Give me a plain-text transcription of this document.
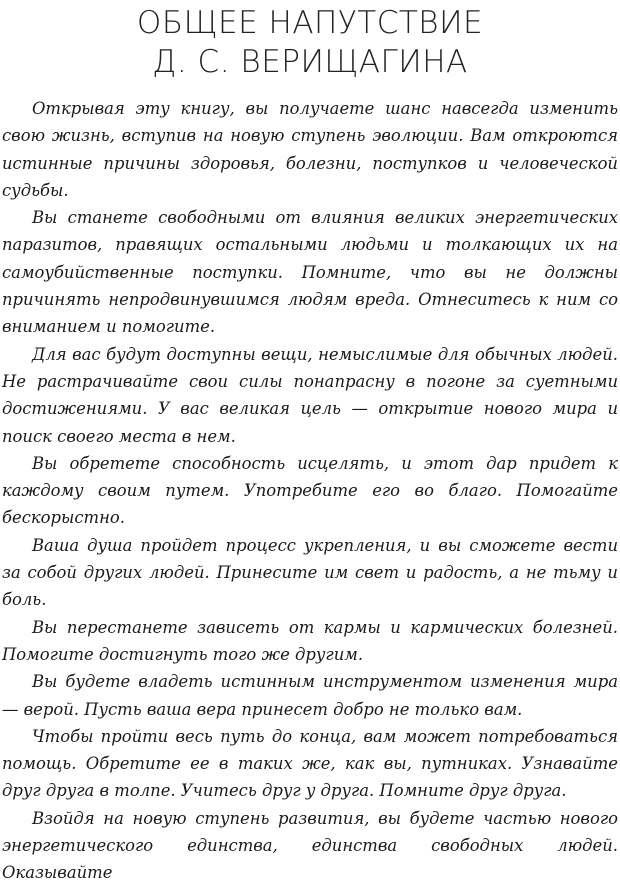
ОБЩЕЕ НАПУТСТВИЕ
Д. С. ВЕРИЩАГИНА

Открывая эту книгу, вы получаете шанс навсегда изменить свою жизнь, вступив на новую ступень эволюции. Вам откроются истинные причины здоровья, болезни, поступков и человеческой судьбы.

Вы станете свободными от влияния великих энергетических паразитов, правящих остальными людьми и толкающих их на самоубийственные поступки. Помните, что вы не должны причинять непродвинувшимся людям вреда. Отнеситесь к ним со вниманием и помогите.

Для вас будут доступны вещи, немыслимые для обычных людей. Не растрачивайте свои силы понапрасну в погоне за суетными достижениями. У вас великая цель — открытие нового мира и поиск своего места в нем.

Вы обретете способность исцелять, и этот дар придет к каждому своим путем. Употребите его во благо. Помогайте бескорыстно.

Ваша душа пройдет процесс укрепления, и вы сможете вести за собой других людей. Принесите им свет и радость, а не тьму и боль.

Вы перестанете зависеть от кармы и кармических болезней. Помогите достигнуть того же другим.

Вы будете владеть истинным инструментом изменения мира — верой. Пусть ваша вера принесет добро не только вам.

Чтобы пройти весь путь до конца, вам может потребоваться помощь. Обретите ее в таких же, как вы, путниках. Узнавайте друг друга в толпе. Учитесь друг у друга. Помните друг друга.

Взойдя на новую ступень развития, вы будете частью нового энергетического единства, единства свободных людей. Оказывайте
